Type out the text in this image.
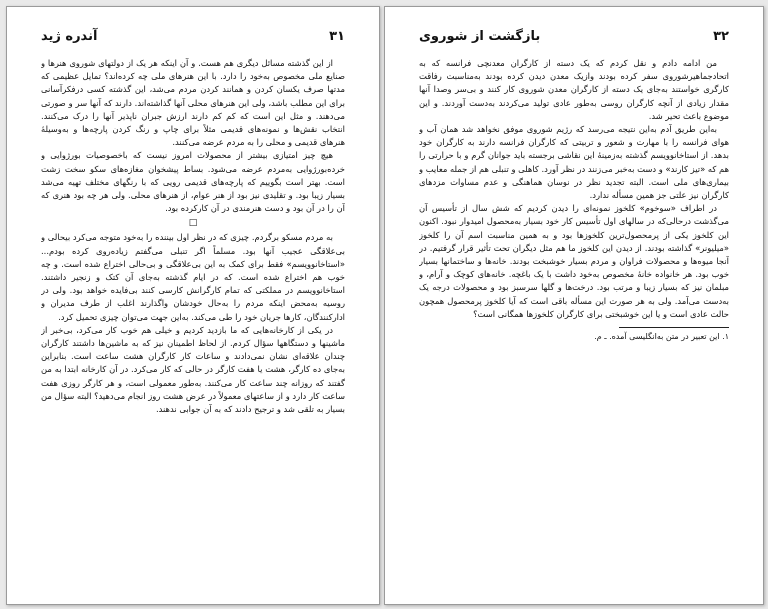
۳۱
آندره ژید

از این گذشته مسائل دیگری هم هست. و آن اینکه هر یک از دولتهای شوروی هنرها و صنایع ملی مخصوص به‌خود را دارد. با این هنرهای ملی چه کرده‌اند؟ تمایل عظیمی که مدتها صرف یکسان کردن و همانند کردن مردم می‌شد، این گذشته کسی درفکرآسانی برای این مطلب باشد، ولی این هنرهای محلی آنها گذاشته‌اند. دارند که آنها سر و صورتی می‌دهند. و مثل این است که کم کم دارند ارزش جبران ناپذیر آنها را درک می‌کنند. انتخاب نقش‌ها و نمونه‌های قدیمی مثلاً برای چاپ و رنگ کردن پارچه‌ها و به‌وسیلهٔ هنرهای قدیمی و محلی را به مردم عرضه می‌کنند.

هیچ چیز امتیازی بیشتر از محصولات امروز نیست که باخصوصیات بورژوایی و خرده‌بورژوایی به‌مردم عرضه می‌شود. بساط پیشخوان مغازه‌های سکو سخت زشت است. بهتر است بگوییم که پارچه‌های قدیمی رویی که با رنگهای مختلف تهیه می‌شد بسیار زیبا بود. و تقلیدی نیز بود از هنر عوام، از هنرهای محلی. ولی هر چه بود هنری که آن را در آن بود و دست هنرمندی در آن کارکرده بود.

□

به مردم مسکو برگردم. چیزی که در نظر اول بیننده را به‌خود متوجه می‌کرد بیحالی و بی‌علاقگی عجیب آنها بود. مسلماً اگر تنبلی می‌گفتم زیاده‌روی کرده بودم... «استاخانوویسم» فقط برای کمک به این بی‌علاقگی و بی‌حالی اختراع شده است. و چه خوب هم اختراع شده است. که در ایام گذشته به‌جای آن کتک و زنجیر داشتند. استاخانوویسم در مملکتی که تمام کارگرانش کارسی کنند بی‌فایده خواهد بود. ولی در روسیه به‌محض اینکه مردم را به‌حال خودشان واگذارند اغلب از طرف مدیران و ادارکنندگان، کارها جریان خود را طی می‌کند. به‌این جهت می‌توان چیزی تحمیل کرد.

در یکی از کارخانه‌هایی که ما بازدید کردیم و خیلی هم خوب کار می‌کرد، بی‌خبر از ماشینها و دستگاهها سؤال کردم. از لحاظ اطمینان نیز که به ماشین‌ها داشتند کارگران چندان علاقه‌ای نشان نمی‌دادند و ساعات کار کارگران هشت ساعت است. بنابراین به‌جای ده کارگر، هشت یا هفت کارگر در حالی که کار می‌کرد. در آن کارخانه ابتدا به من گفتند که روزانه چند ساعت کار می‌کنند. به‌طور معمولی است، و هر کارگر روزی هفت ساعت کار دارد و از ساعتهای معمولاً در عرض هشت روز انجام می‌دهید؟ البته سؤال من بسیار به تلقی شد و ترجیح دادند که به آن جوابی ندهند.

۳۲
بازگشت از شوروی

من ادامه دادم و نقل کردم که یک دسته از کارگران معدنچی فرانسه که به اتحادجماهیرشوروی سفر کرده بودند وازیک معدن دیدن کرده بودند به‌مناسبت رفاقت کارگری خواستند به‌جای یک دسته از کارگران معدن شوروی کار کنند و بی‌سر وصدا آنها مقدار زیادی از آنچه کارگران روسی به‌طور عادی تولید می‌کردند به‌دست آوردند. و این موضوع باعث تحیر شد.

به‌این طریق آدم به‌این نتیجه می‌رسد که رژیم شوروی موفق نخواهد شد همان آب و هوای فرانسه را با مهارت و شعور و تربیتی که کارگران فرانسه دارند به کارگران خود بدهد. از استاخانوویسم گذشته به‌زمینهٔ این نقاشی برجسته باید جوانان گرم و با حرارتی را هم که «تیز کارند» و دست به‌خبر می‌زنند در نظر آورد. کاهلی و تنبلی هم از جمله معایب و بیماری‌های ملی است. البته تجدید نظر در نوسان هماهنگی و عدم مساوات مزدهای کارگران نیز علتی جز همین مسأله ندارد.

در اطراف «سوخوم» کلخوز نمونه‌ای را دیدن کردیم که شش سال از تأسیس آن می‌گذشت درحالی‌که در سالهای اول تأسیس کار خود بسیار به‌محصول امیدوار نبود. اکنون این کلخوز یکی از پرمحصول‌ترین کلخوزها بود و به همین مناسبت اسم آن را کلخوز «میلیونر» گذاشته بودند. از دیدن این کلخوز ما هم مثل دیگران تحت تأثیر قرار گرفتیم. در آنجا میوه‌ها و محصولات فراوان و مردم بسیار خوشبخت بودند. خانه‌ها و ساختمانها بسیار خوب بود. هر خانواده خانهٔ مخصوص به‌خود داشت با یک باغچه. خانه‌های کوچک و آرام، و مبلمان نیز که بسیار زیبا و مرتب بود. درخت‌ها و گلها سرسبز بود و محصولات درجه یک به‌دست می‌آمد. ولی به هر صورت این مسأله باقی است که آیا کلخوز پرمحصول همچون حالت عادی است و یا این خوشبختی برای کارگران کلخوزها همگانی است؟

۱. این تعبیر در متن به‌انگلیسی آمده. ـ م.
